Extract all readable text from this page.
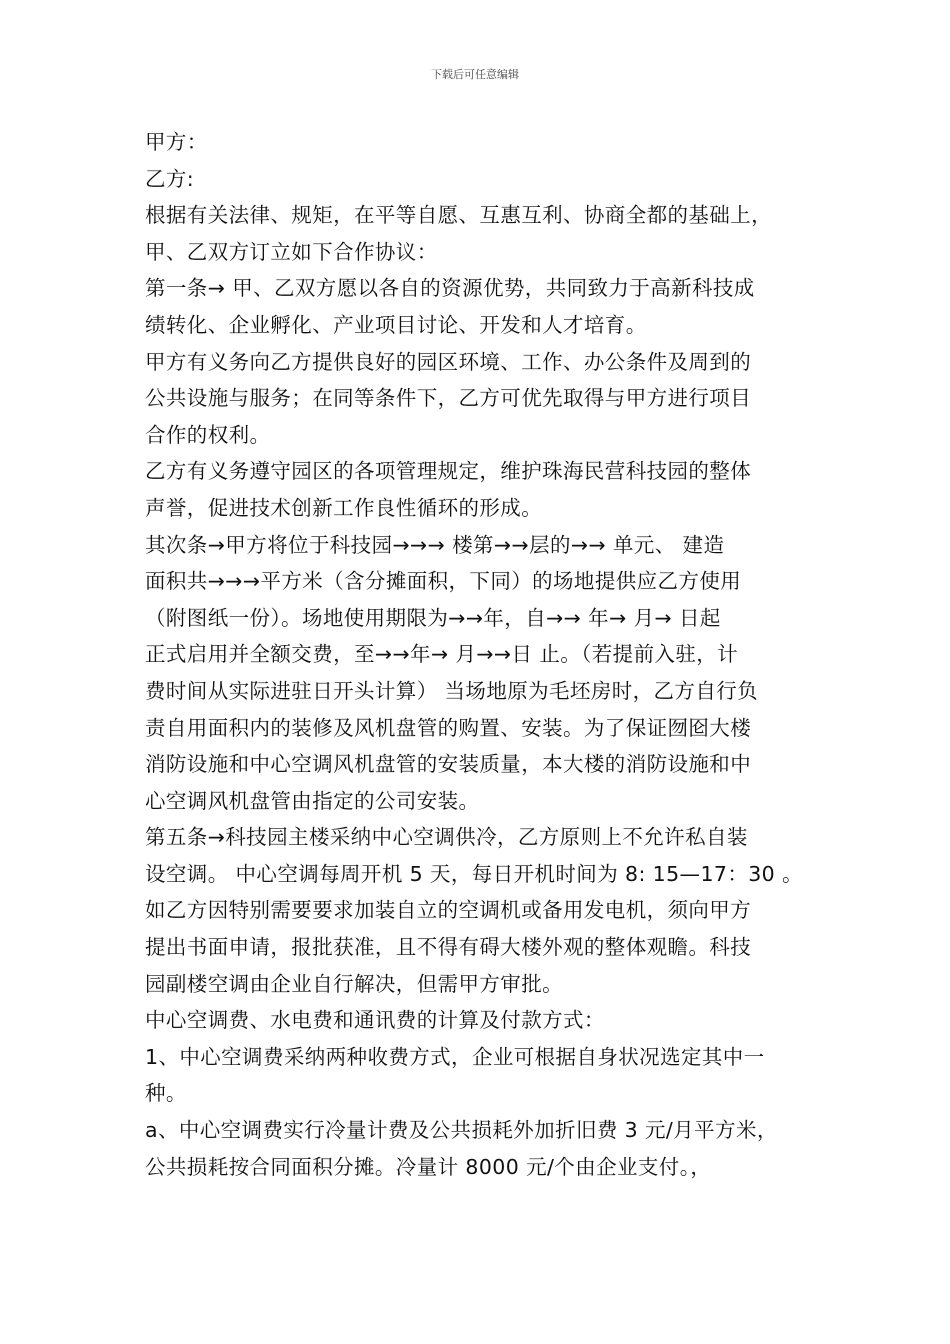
下载后可任意编辑
甲方：
乙方:
根据有关法律、规矩，在平等自愿、互惠互利、协商全都的基础上，
甲、乙双方订立如下合作协议：
第一条→ 甲、乙双方愿以各自的资源优势，共同致力于高新科技成
绩转化、企业孵化、产业项目讨论、开发和人才培育。
甲方有义务向乙方提供良好的园区环境、工作、办公条件及周到的
公共设施与服务；在同等条件下，乙方可优先取得与甲方进行项目
合作的权利。
乙方有义务遵守园区的各项管理规定，维护珠海民营科技园的整体
声誉，促进技术创新工作良性循环的形成。
其次条→甲方将位于科技园→→→ 楼第→→层的→→ 单元、 建造
面积共→→→平方米（含分摊面积，下同）的场地提供应乙方使用
（附图纸一份）。场地使用期限为→→年，自→→ 年→ 月→ 日起
正式启用并全额交费，至→→年→ 月→→日 止。（若提前入驻，计
费时间从实际进驻日开头计算） 当场地原为毛坯房时，乙方自行负
责自用面积内的装修及风机盘管的购置、安装。为了保证囫囵大楼
消防设施和中心空调风机盘管的安装质量，本大楼的消防设施和中
心空调风机盘管由指定的公司安装。
第五条→科技园主楼采纳中心空调供冷，乙方原则上不允许私自装
设空调。 中心空调每周开机 5 天，每日开机时间为 8: 15—17：30 。
如乙方因特别需要要求加装自立的空调机或备用发电机，须向甲方
提出书面申请，报批获准，且不得有碍大楼外观的整体观瞻。科技
园副楼空调由企业自行解决，但需甲方审批。
中心空调费、水电费和通讯费的计算及付款方式：
1、中心空调费采纳两种收费方式，企业可根据自身状况选定其中一
种。
a、中心空调费实行冷量计费及公共损耗外加折旧费 3 元/月平方米，
公共损耗按合同面积分摊。冷量计 8000 元/个由企业支付。，
